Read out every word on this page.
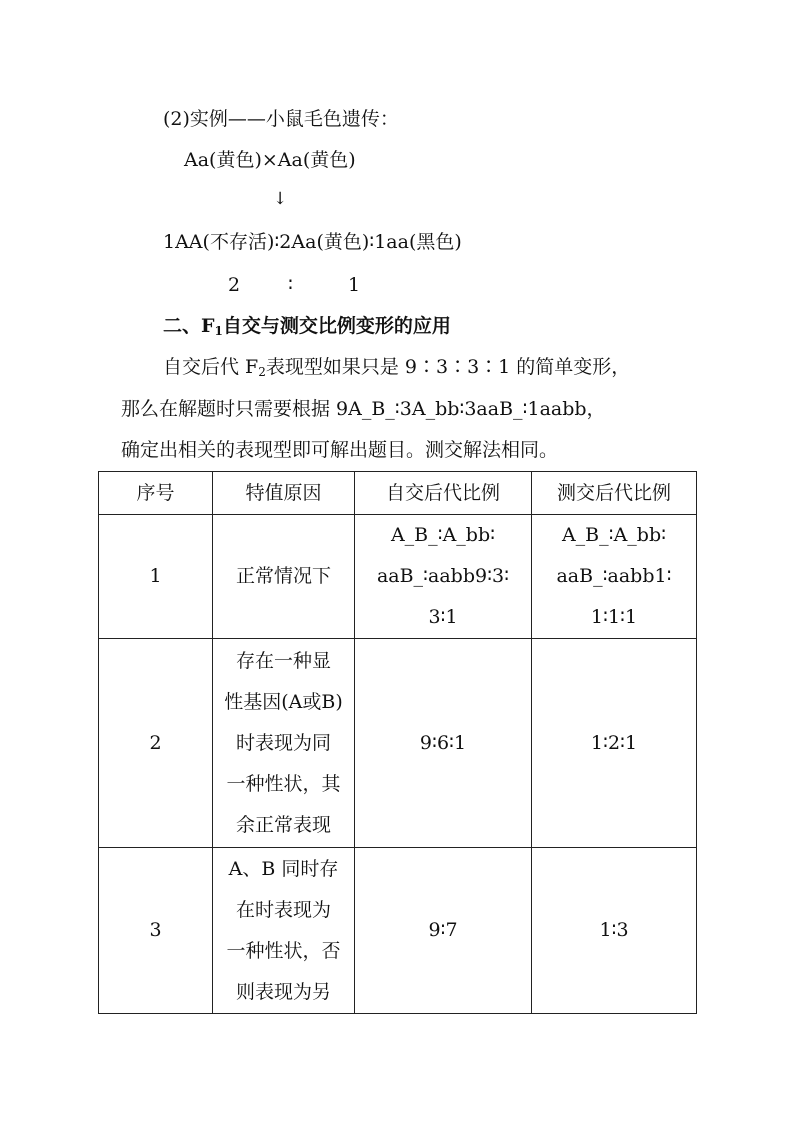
(2)实例——小鼠毛色遗传：
Aa(黄色)×Aa(黄色)
↓
1AA(不存活)∶2Aa(黄色)∶1aa(黑色)
2	∶	1
二、$F_1$自交与测交比例变形的应用
自交后代 $F_2$表现型如果只是 9∶3∶3∶1 的简单变形，
那么在解题时只需要根据 9A_B_∶3A_bb∶3aaB_∶1aabb，
确定出相关的表现型即可解出题目。测交解法相同。
序号	特值原因	自交后代比例	测交后代比例
1	正常情况下	A_B_∶A_bb∶
aaB_∶aabb9∶3∶
3∶1	A_B_∶A_bb∶
aaB_∶aabb1∶
1∶1∶1

2	存在一种显
性基因(A或B)
时表现为同
一种性状，其
余正常表现	9∶6∶1	1∶2∶1

3	A、B 同时存
在时表现为
一种性状，否
则表现为另	9∶7	1∶3
